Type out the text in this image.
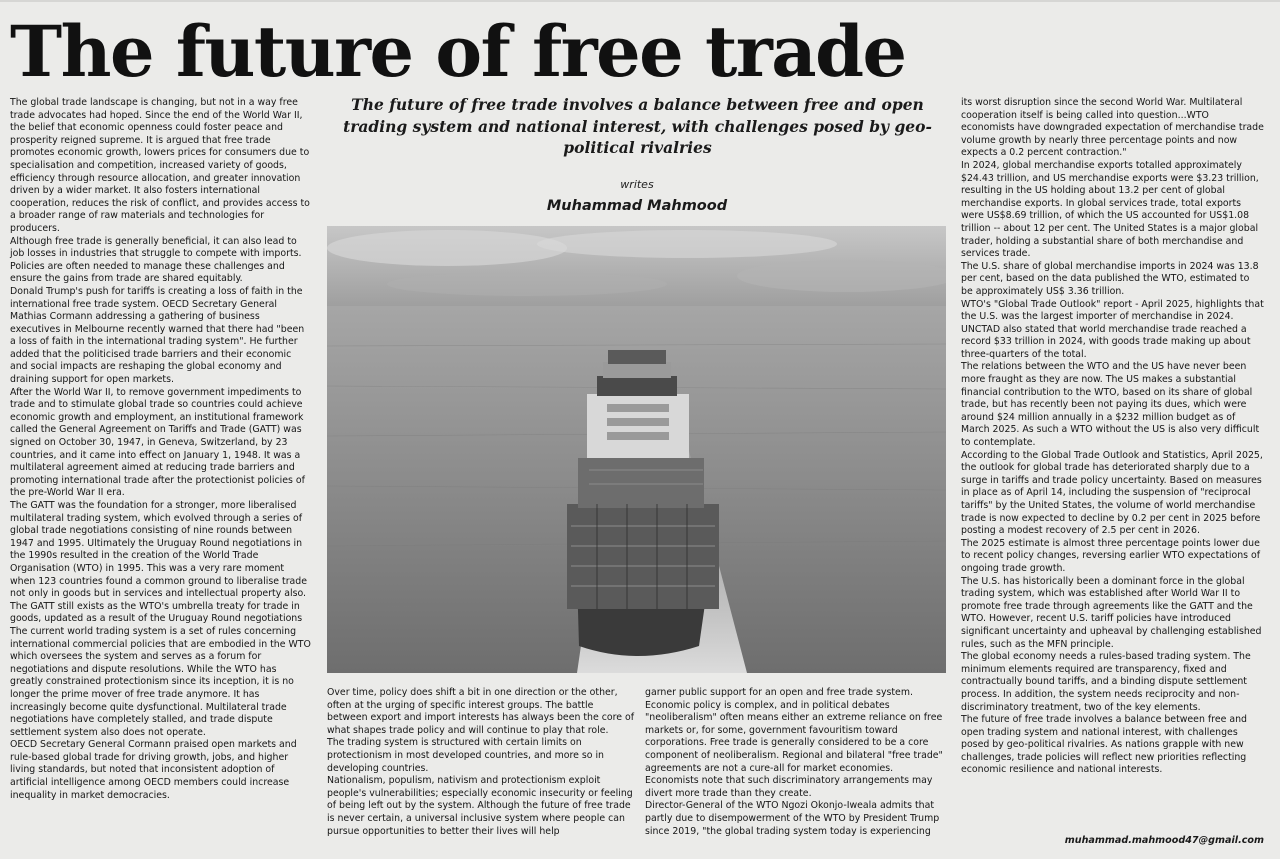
The future of free trade

The global trade landscape is changing, but not in a way free trade advocates had hoped. Since the end of the World War II, the belief that economic openness could foster peace and prosperity reigned supreme. It is argued that free trade promotes economic growth, lowers prices for consumers due to specialisation and competition, increased variety of goods, efficiency through resource allocation, and greater innovation driven by a wider market. It also fosters international cooperation, reduces the risk of conflict, and provides access to a broader range of raw materials and technologies for producers.

Although free trade is generally beneficial, it can also lead to job losses in industries that struggle to compete with imports. Policies are often needed to manage these challenges and ensure the gains from trade are shared equitably.

Donald Trump's push for tariffs is creating a loss of faith in the international free trade system. OECD Secretary General Mathias Cormann addressing a gathering of business executives in Melbourne recently warned that there had "been a loss of faith in the international trading system". He further added that the politicised trade barriers and their economic and social impacts are reshaping the global economy and draining support for open markets.

After the World War II, to remove government impediments to trade and to stimulate global trade so countries could achieve economic growth and employment, an institutional framework called the General Agreement on Tariffs and Trade (GATT) was signed on October 30, 1947, in Geneva, Switzerland, by 23 countries, and it came into effect on January 1, 1948. It was a multilateral agreement aimed at reducing trade barriers and promoting international trade after the protectionist policies of the pre-World War II era.

The GATT was the foundation for a stronger, more liberalised multilateral trading system, which evolved through a series of global trade negotiations consisting of nine rounds between 1947 and 1995. Ultimately the Uruguay Round negotiations in the 1990s resulted in the creation of the World Trade Organisation (WTO) in 1995. This was a very rare moment when 123 countries found a common ground to liberalise trade not only in goods but in services and intellectual property also.

The GATT still exists as the WTO's umbrella treaty for trade in goods, updated as a result of the Uruguay Round negotiations

The current world trading system is a set of rules concerning international commercial policies that are embodied in the WTO which oversees the system and serves as a forum for negotiations and dispute resolutions. While the WTO has greatly constrained protectionism since its inception, it is no longer the prime mover of free trade anymore. It has increasingly become quite dysfunctional. Multilateral trade negotiations have completely stalled, and trade dispute settlement system also does not operate.

OECD Secretary General Cormann praised open markets and rule-based global trade for driving growth, jobs, and higher living standards, but noted that inconsistent adoption of artificial intelligence among OECD members could increase inequality in market democracies.

The future of free trade involves a balance between free and open trading system and national interest, with challenges posed by geo-political rivalries

writes
Muhammad Mahmood

Over time, policy does shift a bit in one direction or the other, often at the urging of specific interest groups. The battle between export and import interests has always been the core of what shapes trade policy and will continue to play that role.

The trading system is structured with certain limits on protectionism in most developed countries, and more so in developing countries.

Nationalism, populism, nativism and protectionism exploit people's vulnerabilities; especially economic insecurity or feeling of being left out by the system. Although the future of free trade is never certain, a universal inclusive system where people can pursue opportunities to better their lives will help

garner public support for an open and free trade system.

Economic policy is complex, and in political debates "neoliberalism" often means either an extreme reliance on free markets or, for some, government favouritism toward corporations. Free trade is generally considered to be a core component of neoliberalism. Regional and bilateral "free trade" agreements are not a cure-all for market economies. Economists note that such discriminatory arrangements may divert more trade than they create.

Director-General of the WTO Ngozi Okonjo-Iweala admits that partly due to disempowerment of the WTO by President Trump since 2019, "the global trading system today is experiencing

its worst disruption since the second World War. Multilateral cooperation itself is being called into question...WTO economists have downgraded expectation of merchandise trade volume growth by nearly three percentage points and now expects a 0.2 percent contraction."

In 2024, global merchandise exports totalled approximately $24.43 trillion, and US merchandise exports were $3.23 trillion, resulting in the US holding about 13.2 per cent of global merchandise exports. In global services trade, total exports were US$8.69 trillion, of which the US accounted for US$1.08 trillion -- about 12 per cent. The United States is a major global trader, holding a substantial share of both merchandise and services trade.

The U.S. share of global merchandise imports in 2024 was 13.8 per cent, based on the data published the WTO, estimated to be approximately US$ 3.36 trillion.

WTO's "Global Trade Outlook" report - April 2025, highlights that the U.S. was the largest importer of merchandise in 2024. UNCTAD also stated that world merchandise trade reached a record $33 trillion in 2024, with goods trade making up about three-quarters of the total.

The relations between the WTO and the US have never been more fraught as they are now. The US makes a substantial financial contribution to the WTO, based on its share of global trade, but has recently been not paying its dues, which were around $24 million annually in a $232 million budget as of March 2025. As such a WTO without the US is also very difficult to contemplate.

According to the Global Trade Outlook and Statistics, April 2025, the outlook for global trade has deteriorated sharply due to a surge in tariffs and trade policy uncertainty. Based on measures in place as of April 14, including the suspension of "reciprocal tariffs" by the United States, the volume of world merchandise trade is now expected to decline by 0.2 per cent in 2025 before posting a modest recovery of 2.5 per cent in 2026.

The 2025 estimate is almost three percentage points lower due to recent policy changes, reversing earlier WTO expectations of ongoing trade growth.

The U.S. has historically been a dominant force in the global trading system, which was established after World War II to promote free trade through agreements like the GATT and the WTO. However, recent U.S. tariff policies have introduced significant uncertainty and upheaval by challenging established rules, such as the MFN principle.

The global economy needs a rules-based trading system. The minimum elements required are transparency, fixed and contractually bound tariffs, and a binding dispute settlement process. In addition, the system needs reciprocity and non-discriminatory treatment, two of the key elements.

The future of free trade involves a balance between free and open trading system and national interest, with challenges posed by geo-political rivalries. As nations grapple with new challenges, trade policies will reflect new priorities reflecting economic resilience and national interests.

muhammad.mahmood47@gmail.com
